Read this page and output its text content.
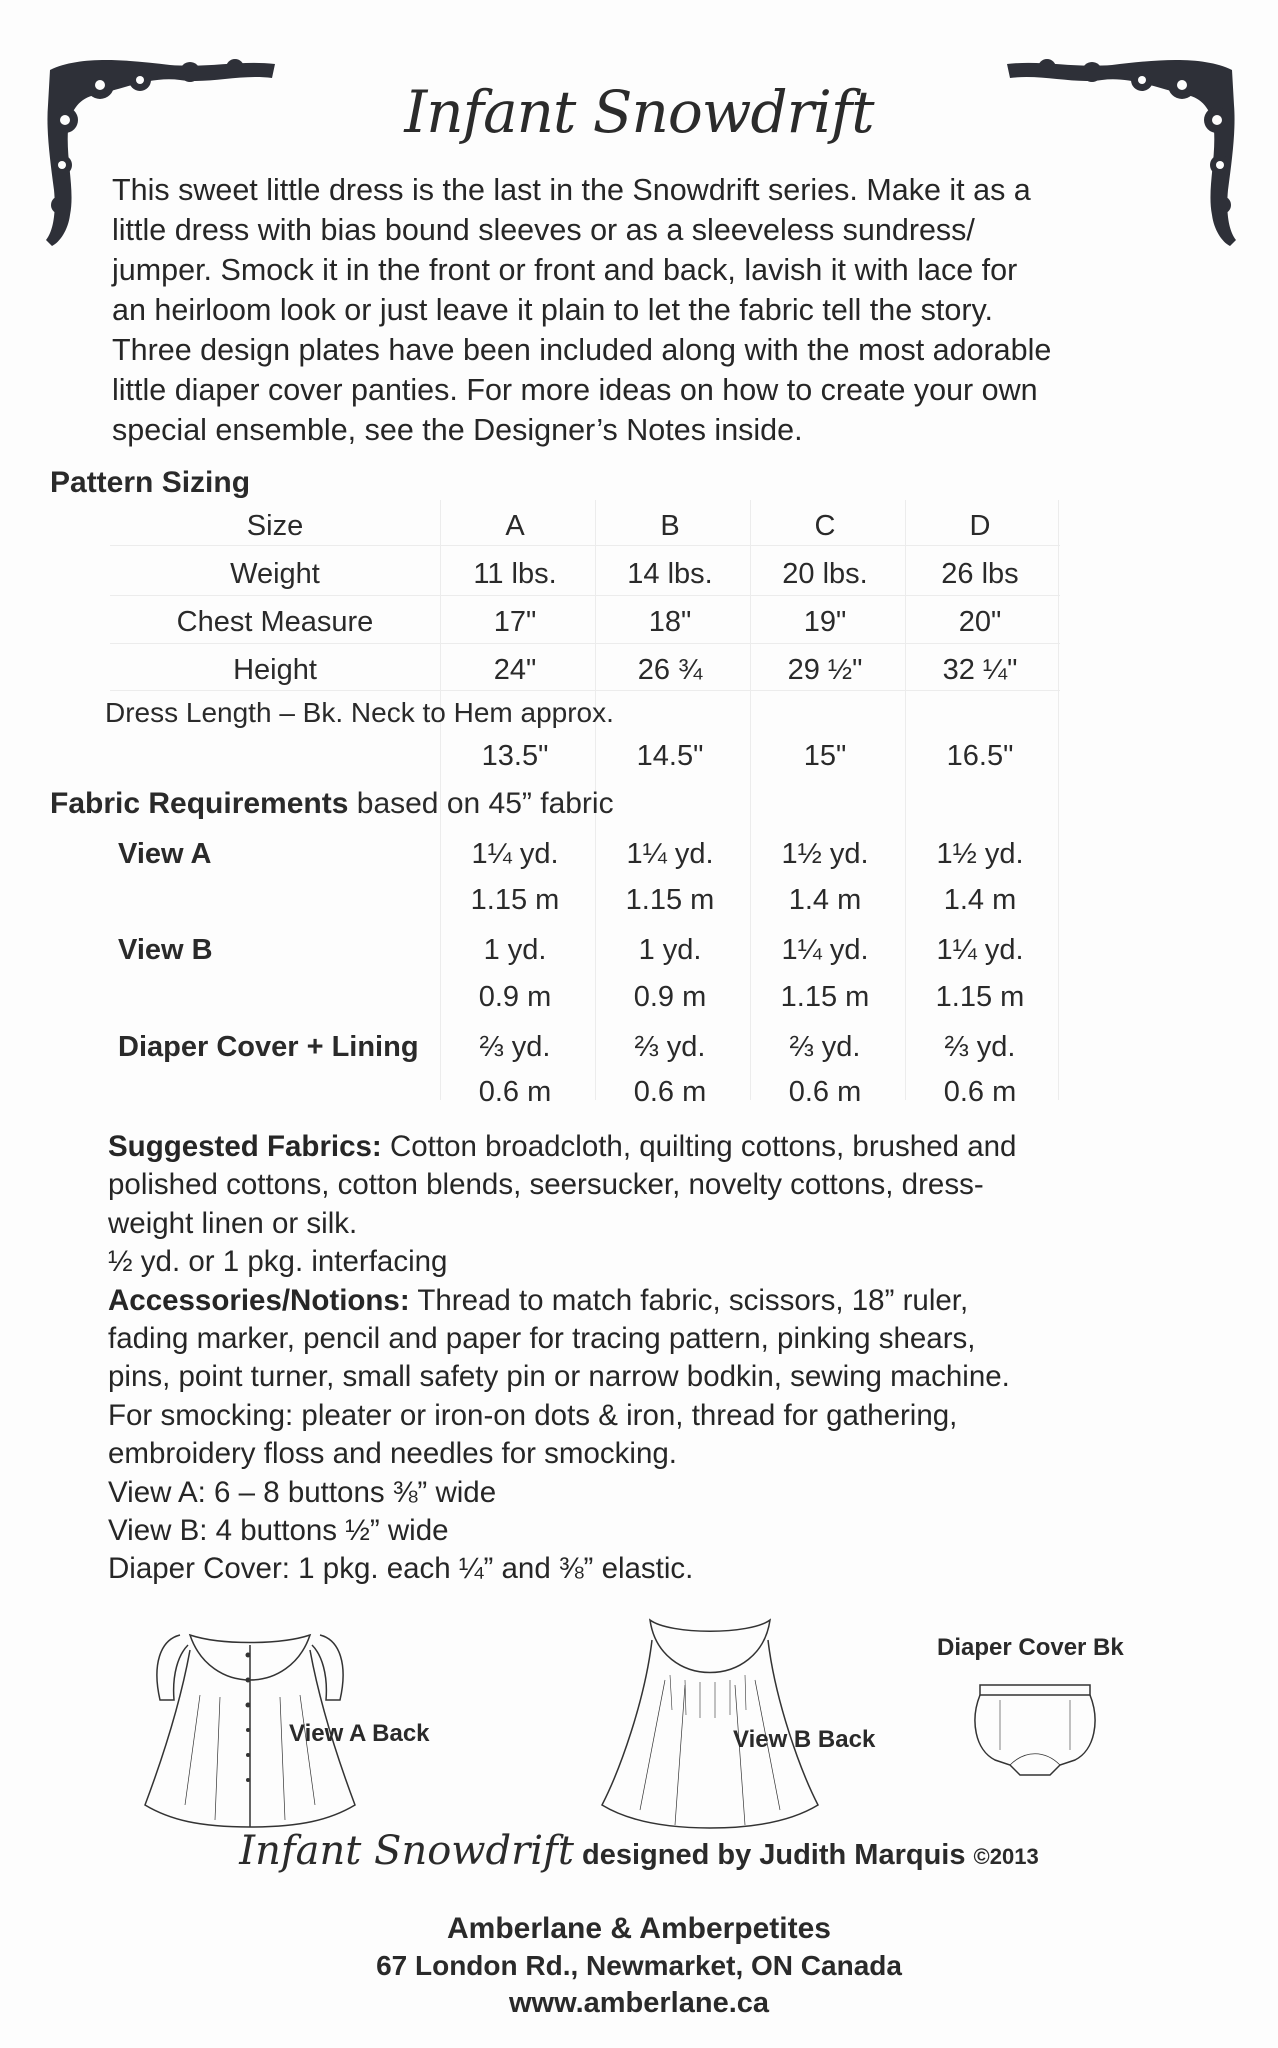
Infant Snowdrift
This sweet little dress is the last in the Snowdrift series. Make it as a
little dress with bias bound sleeves or as a sleeveless sundress/
jumper. Smock it in the front or front and back, lavish it with lace for
an heirloom look or just leave it plain to let the fabric tell the story.
Three design plates have been included along with the most adorable
little diaper cover panties. For more ideas on how to create your own
special ensemble, see the Designer’s Notes inside.
Pattern Sizing
Size	A	B	C	D
Weight	11 lbs.	14 lbs.	20 lbs.	26 lbs
Chest Measure	17"	18"	19"	20"
Height	24"	26 ¾	29 ½"	32 ¼"
Dress Length – Bk. Neck to Hem approx.
13.5"	14.5"	15"	16.5"
Fabric Requirements based on 45” fabric
View A	1¼ yd.	1¼ yd.	1½ yd.	1½ yd.
1.15 m	1.15 m	1.4 m	1.4 m
View B	1 yd.	1 yd.	1¼ yd.	1¼ yd.
0.9 m	0.9 m	1.15 m	1.15 m
Diaper Cover + Lining	⅔ yd.	⅔ yd.	⅔ yd.	⅔ yd.
0.6 m	0.6 m	0.6 m	0.6 m
Suggested Fabrics: Cotton broadcloth, quilting cottons, brushed and
polished cottons, cotton blends, seersucker, novelty cottons, dress-
weight linen or silk.
½ yd. or 1 pkg. interfacing
Accessories/Notions: Thread to match fabric, scissors, 18” ruler,
fading marker, pencil and paper for tracing pattern, pinking shears,
pins, point turner, small safety pin or narrow bodkin, sewing machine.
For smocking: pleater or iron-on dots & iron, thread for gathering,
embroidery floss and needles for smocking.
View A: 6 – 8 buttons ⅜” wide
View B: 4 buttons ½” wide
Diaper Cover: 1 pkg. each ¼” and ⅜” elastic.
View A Back	View B Back
Diaper Cover Bk
Infant Snowdrift designed by Judith Marquis ©2013
Amberlane & Amberpetites
67 London Rd., Newmarket, ON Canada
www.amberlane.ca
